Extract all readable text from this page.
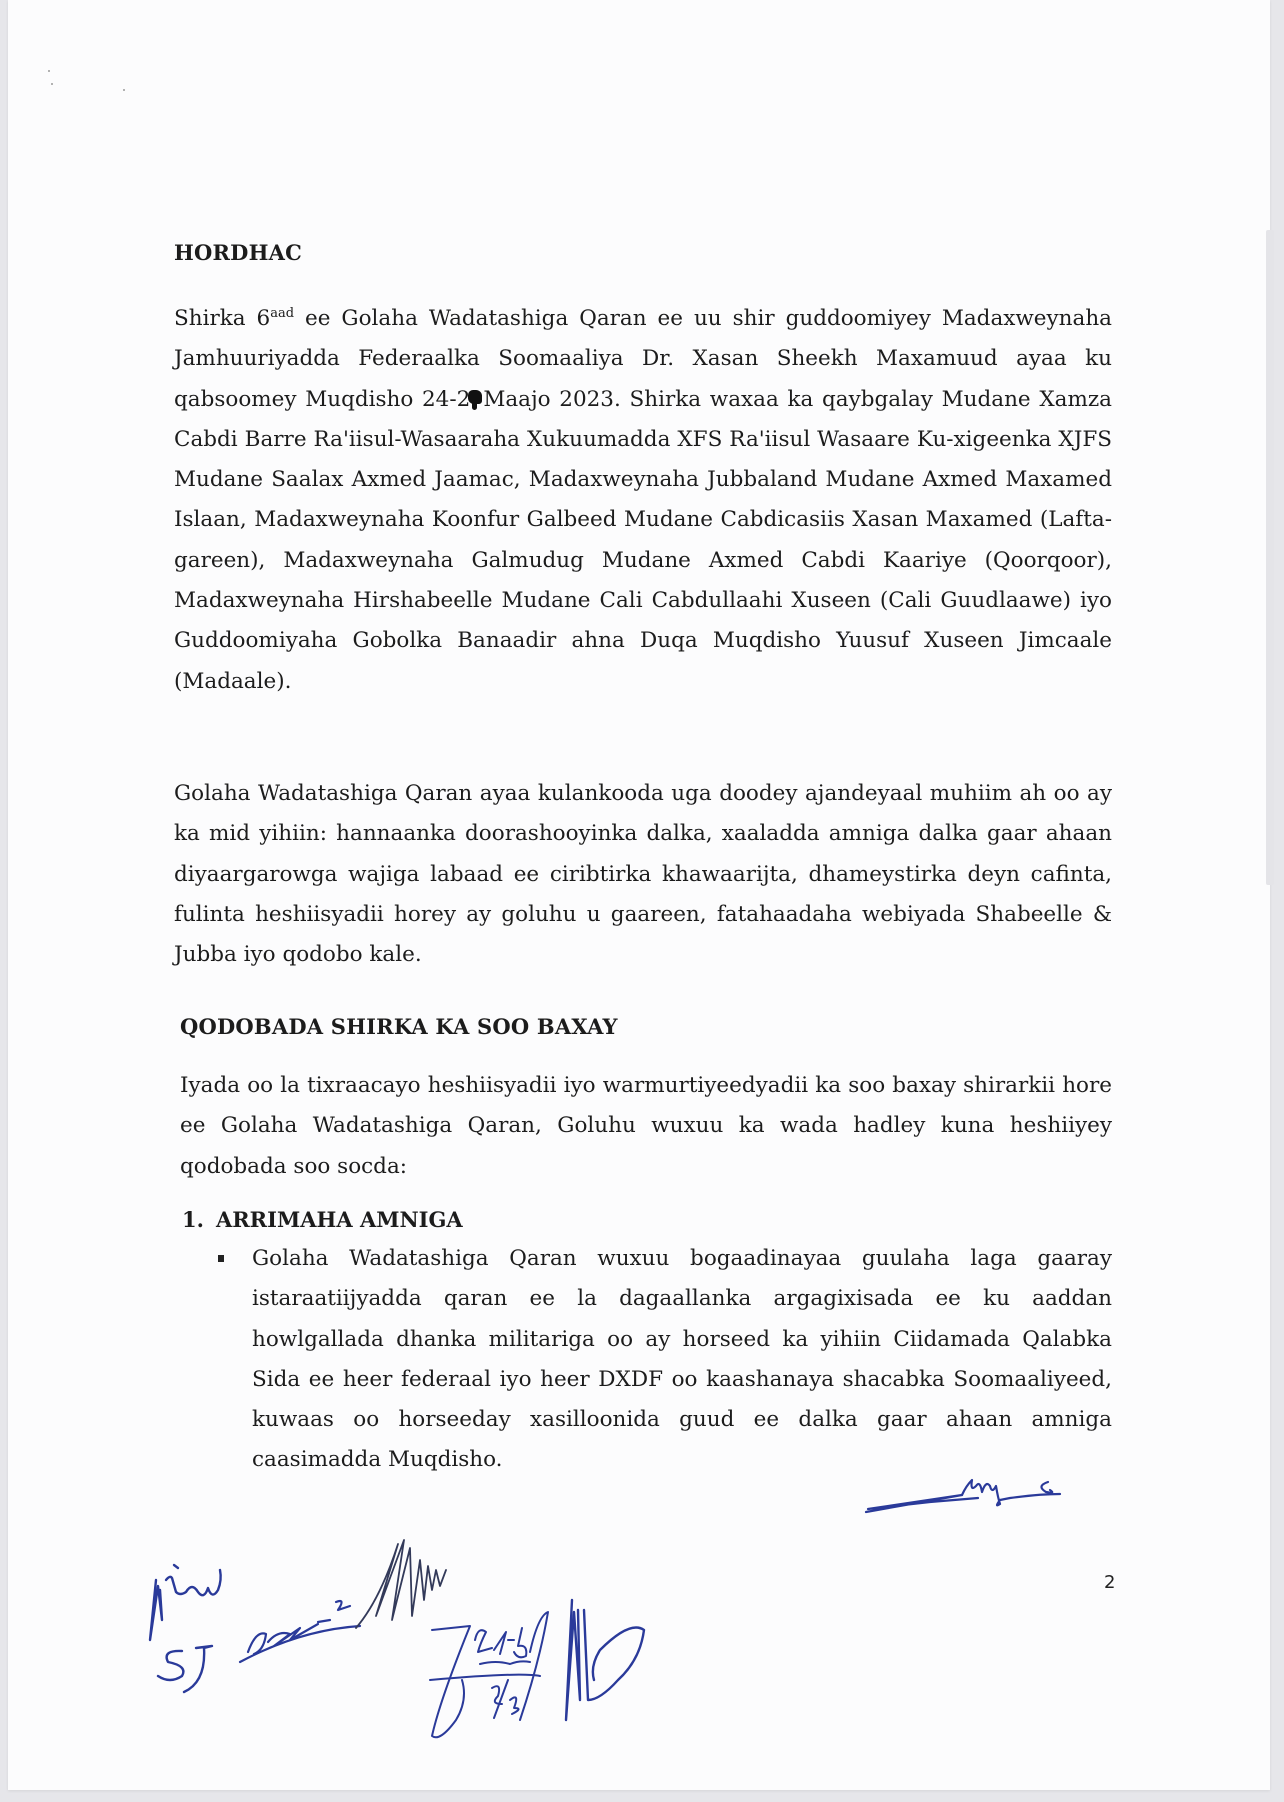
HORDHAC

Shirka $6^{aad}$ ee Golaha Wadatashiga Qaran ee uu shir guddoomiyey Madaxweynaha Jamhuuriyadda Federaalka Soomaaliya Dr. Xasan Sheekh Maxamuud ayaa ku qabsoomey Muqdisho 24-2 Maajo 2023. Shirka waxaa ka qaybgalay Mudane Xamza Cabdi Barre Ra'iisul-Wasaaraha Xukuumadda XFS Ra'iisul Wasaare Ku-xigeenka XJFS Mudane Saalax Axmed Jaamac, Madaxweynaha Jubbaland Mudane Axmed Maxamed Islaan, Madaxweynaha Koonfur Galbeed Mudane Cabdicasiis Xasan Maxamed (Lafta-gareen), Madaxweynaha Galmudug Mudane Axmed Cabdi Kaariye (Qoorqoor), Madaxweynaha Hirshabeelle Mudane Cali Cabdullaahi Xuseen (Cali Guudlaawe) iyo Guddoomiyaha Gobolka Banaadir ahna Duqa Muqdisho Yuusuf Xuseen Jimcaale (Madaale).

Golaha Wadatashiga Qaran ayaa kulankooda uga doodey ajandeyaal muhiim ah oo ay ka mid yihiin: hannaanka doorashooyinka dalka, xaaladda amniga dalka gaar ahaan diyaargarowga wajiga labaad ee ciribtirka khawaarijta, dhameystirka deyn cafinta, fulinta heshiisyadii horey ay goluhu u gaareen, fatahaadaha webiyada Shabeelle & Jubba iyo qodobo kale.

QODOBADA SHIRKA KA SOO BAXAY

Iyada oo la tixraacayo heshiisyadii iyo warmurtiyeedyadii ka soo baxay shirarkii hore ee Golaha Wadatashiga Qaran, Goluhu wuxuu ka wada hadley kuna heshiiyey qodobada soo socda:

1. ARRIMAHA AMNIGA

Golaha Wadatashiga Qaran wuxuu bogaadinayaa guulaha laga gaaray istaraatiijyadda qaran ee la dagaallanka argagixisada ee ku aaddan howlgallada dhanka militariga oo ay horseed ka yihiin Ciidamada Qalabka Sida ee heer federaal iyo heer DXDF oo kaashanaya shacabka Soomaaliyeed, kuwaas oo horseeday xasilloonida guud ee dalka gaar ahaan amniga caasimadda Muqdisho.

2
